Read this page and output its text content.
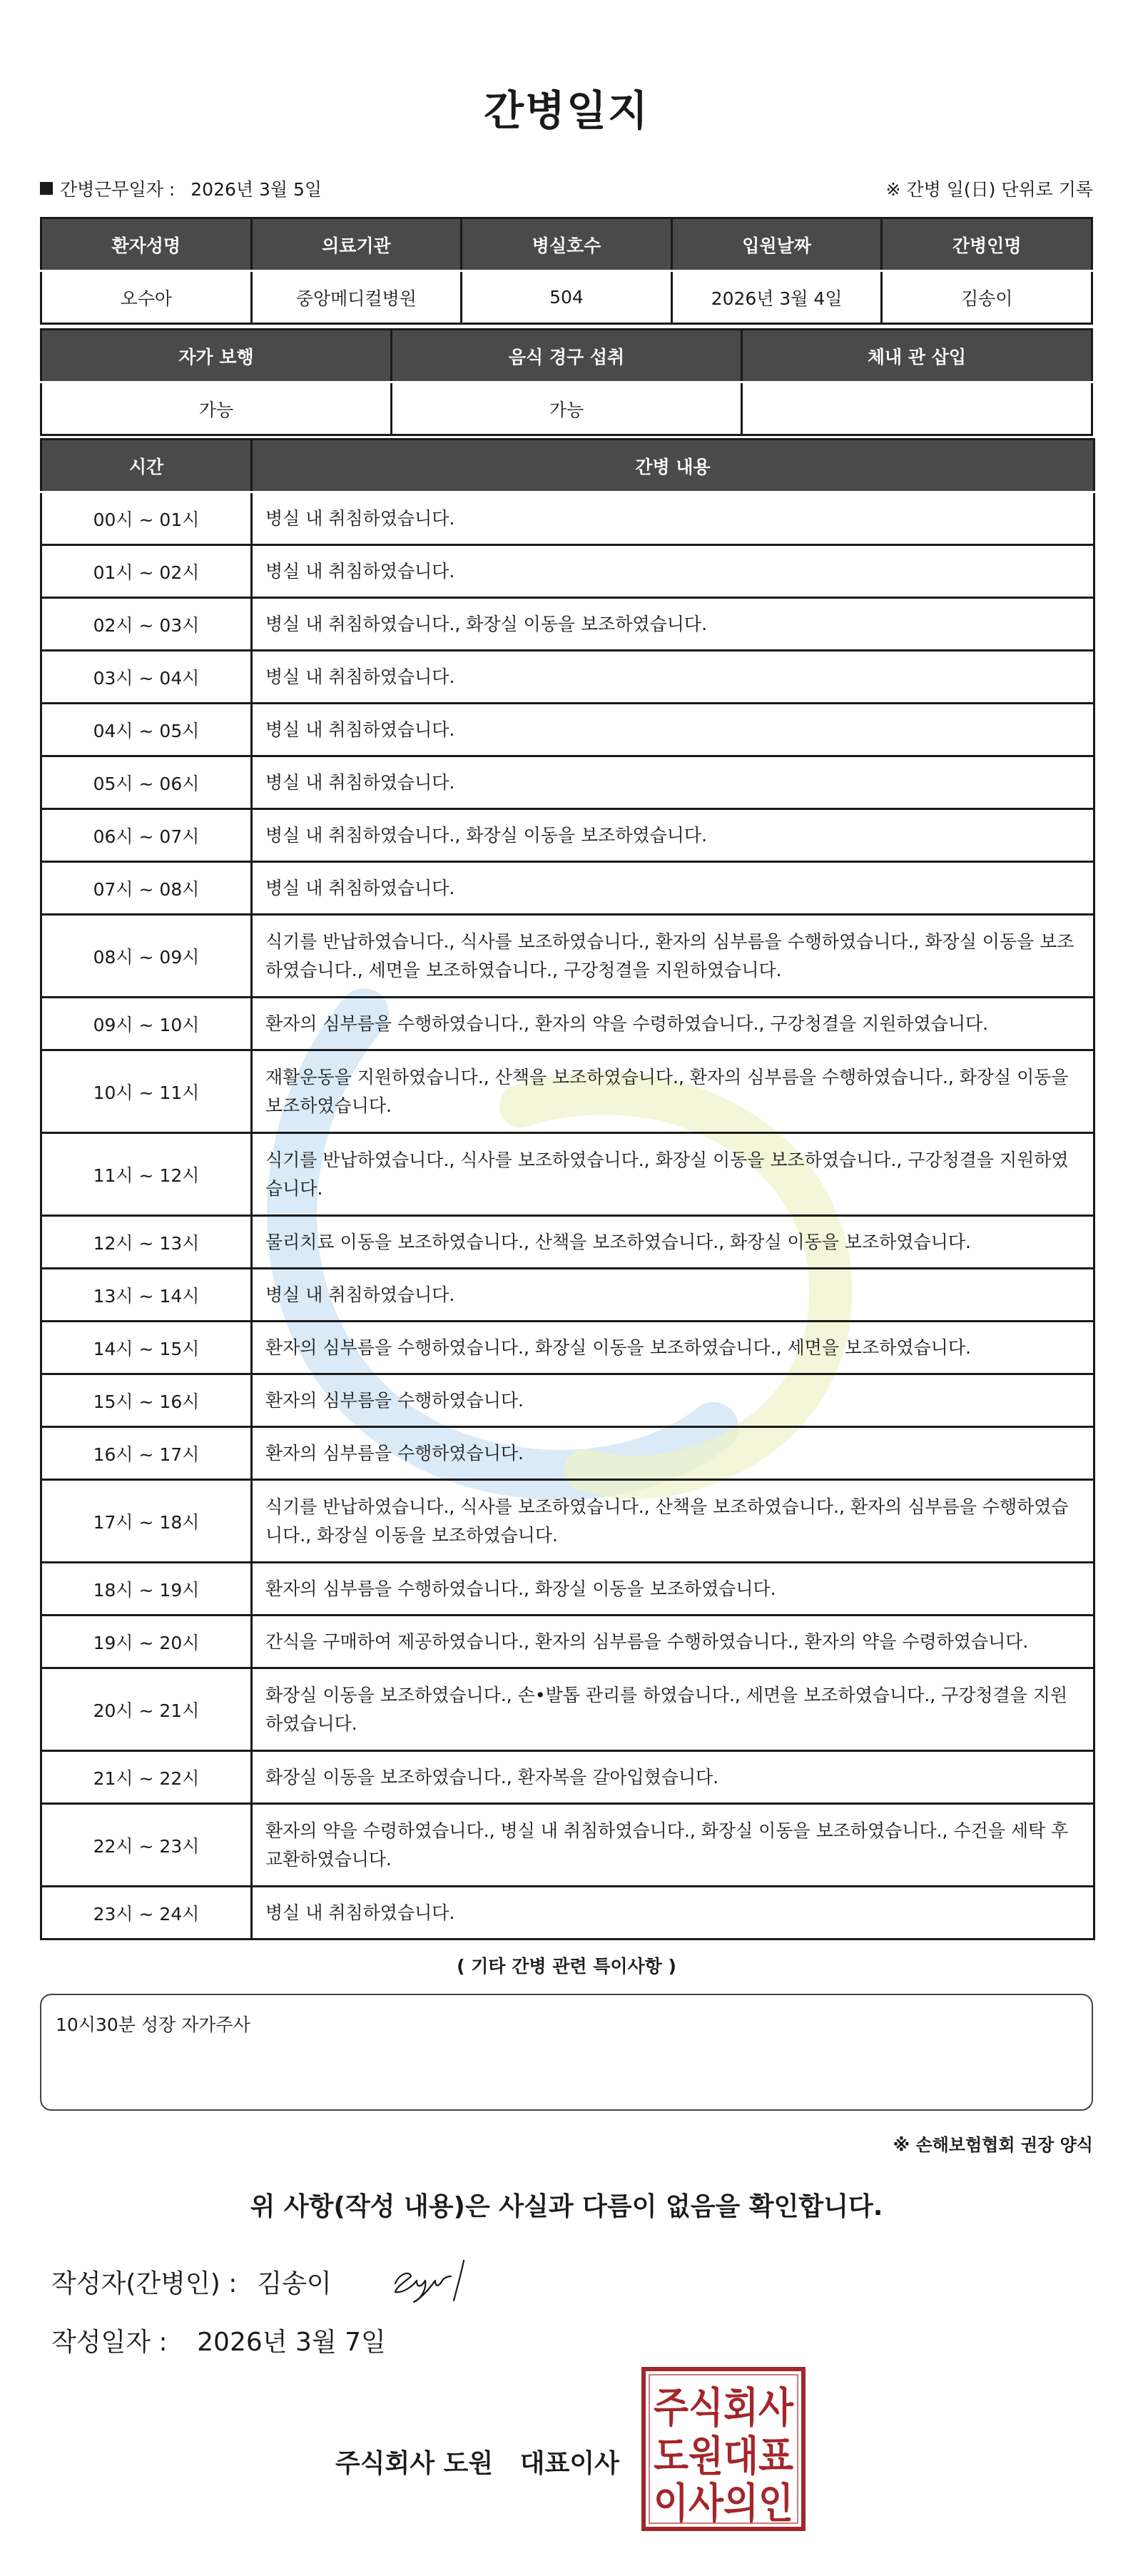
간병일지
간병근무일자 : 2026년 3월 5일	※ 간병 일(日) 단위로 기록
환자성명	의료기관	병실호수	입원날짜	간병인명
오수아	중앙메디컬병원	504	2026년 3월 4일	김송이
자가 보행	음식 경구 섭취	체내 관 삽입
가능	가능	
시간	간병 내용
00시 ~ 01시	병실 내 취침하였습니다.
01시 ~ 02시	병실 내 취침하였습니다.
02시 ~ 03시	병실 내 취침하였습니다., 화장실 이동을 보조하였습니다.
03시 ~ 04시	병실 내 취침하였습니다.
04시 ~ 05시	병실 내 취침하였습니다.
05시 ~ 06시	병실 내 취침하였습니다.
06시 ~ 07시	병실 내 취침하였습니다., 화장실 이동을 보조하였습니다.
07시 ~ 08시	병실 내 취침하였습니다.
08시 ~ 09시	식기를 반납하였습니다., 식사를 보조하였습니다., 환자의 심부름을 수행하였습니다., 화장실 이동을 보조하였습니다., 세면을 보조하였습니다., 구강청결을 지원하였습니다.
09시 ~ 10시	환자의 심부름을 수행하였습니다., 환자의 약을 수령하였습니다., 구강청결을 지원하였습니다.
10시 ~ 11시	재활운동을 지원하였습니다., 산책을 보조하였습니다., 환자의 심부름을 수행하였습니다., 화장실 이동을 보조하였습니다.
11시 ~ 12시	식기를 반납하였습니다., 식사를 보조하였습니다., 화장실 이동을 보조하였습니다., 구강청결을 지원하였습니다.
12시 ~ 13시	물리치료 이동을 보조하였습니다., 산책을 보조하였습니다., 화장실 이동을 보조하였습니다.
13시 ~ 14시	병실 내 취침하였습니다.
14시 ~ 15시	환자의 심부름을 수행하였습니다., 화장실 이동을 보조하였습니다., 세면을 보조하였습니다.
15시 ~ 16시	환자의 심부름을 수행하였습니다.
16시 ~ 17시	환자의 심부름을 수행하였습니다.
17시 ~ 18시	식기를 반납하였습니다., 식사를 보조하였습니다., 산책을 보조하였습니다., 환자의 심부름을 수행하였습니다., 화장실 이동을 보조하였습니다.
18시 ~ 19시	환자의 심부름을 수행하였습니다., 화장실 이동을 보조하였습니다.
19시 ~ 20시	간식을 구매하여 제공하였습니다., 환자의 심부름을 수행하였습니다., 환자의 약을 수령하였습니다.
20시 ~ 21시	화장실 이동을 보조하였습니다., 손•발톱 관리를 하였습니다., 세면을 보조하였습니다., 구강청결을 지원하였습니다.
21시 ~ 22시	화장실 이동을 보조하였습니다., 환자복을 갈아입혔습니다.
22시 ~ 23시	환자의 약을 수령하였습니다., 병실 내 취침하였습니다., 화장실 이동을 보조하였습니다., 수건을 세탁 후 교환하였습니다.
23시 ~ 24시	병실 내 취침하였습니다.
( 기타 간병 관련 특이사항 )
10시30분 성장 자가주사
※ 손해보험협회 권장 양식
위 사항(작성 내용)은 사실과 다름이 없음을 확인합니다.
작성자(간병인) : 김송이
작성일자 : 2026년 3월 7일
주식회사 도원   대표이사
주식회사
도원대표
이사의인
